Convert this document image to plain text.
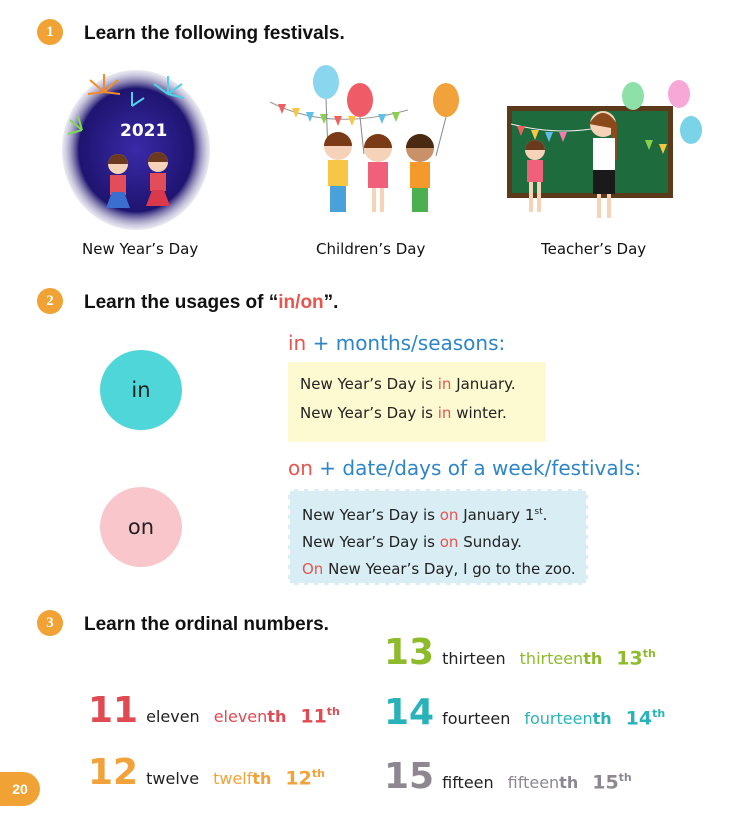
1 Learn the following festivals.
2021
New Year’s Day	Children’s Day	Teacher’s Day
2 Learn the usages of “in/on”.
in
in + months/seasons:
New Year’s Day is in January.
New Year’s Day is in winter.
on
on + date/days of a week/festivals:
New Year’s Day is on January 1st.
New Year’s Day is on Sunday.
On New Yeear’s Day, I go to the zoo.
3 Learn the ordinal numbers.
11 eleven eleventh 11th
12 twelve twelfth 12th
13 thirteen thirteenth 13th
14 fourteen fourteenth 14th
15 fifteen fifteenth 15th
20
